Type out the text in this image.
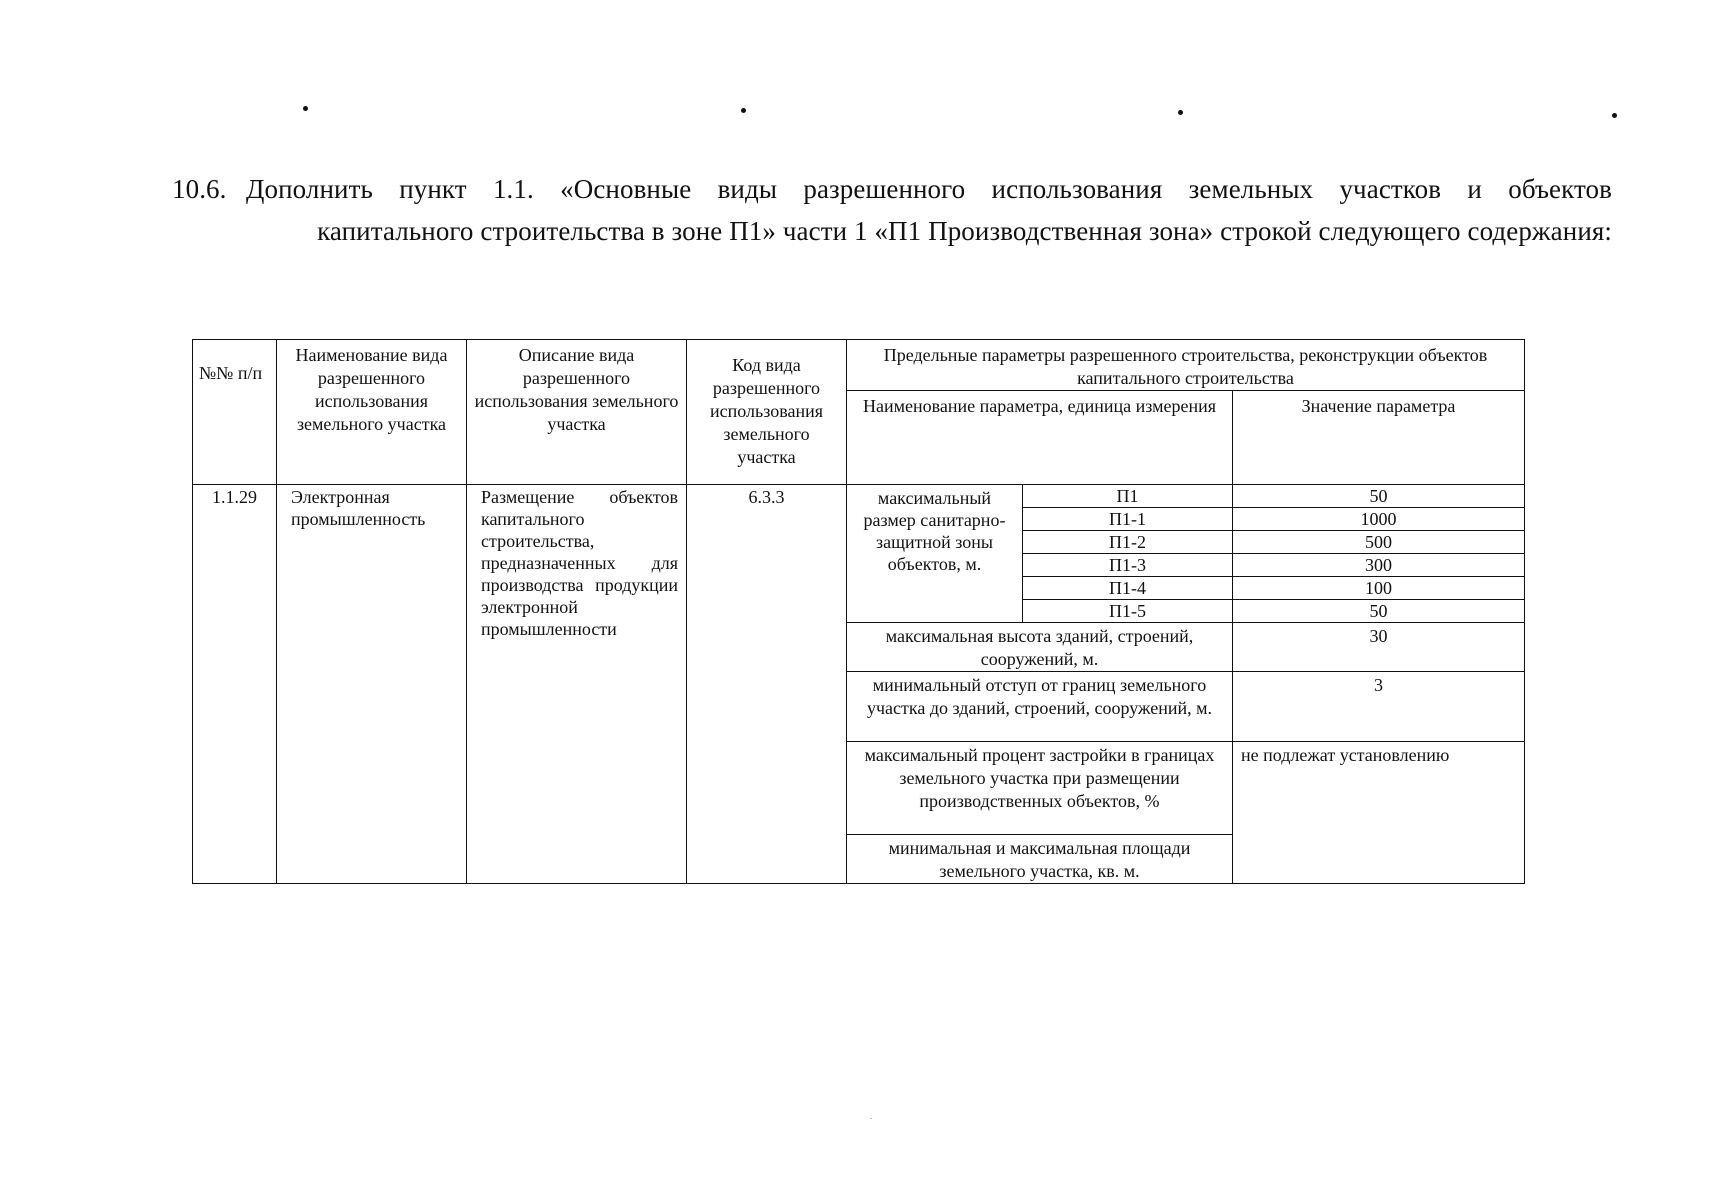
10.6. Дополнить пункт 1.1. «Основные виды разрешенного использования земельных участков и объектов
капитального строительства в зоне П1» части 1 «П1 Производственная зона» строкой следующего содержания:
№№ п/п	Наименование вида разрешенного использования земельного участка	Описание вида разрешенного использования земельного участка	Код вида разрешенного использования земельного участка	Предельные параметры разрешенного строительства, реконструкции объектов капитального строительства		
				Наименование параметра, единица измерения		Значение параметра
1.1.29	Электронная промышленность	Размещение объектов капитального строительства, предназначенных для производства продукции электронной промышленности	6.3.3	максимальный размер санитарно-защитной зоны объектов, м.	П1	50
					П1-1	1000
					П1-2	500
					П1-3	300
					П1-4	100
					П1-5	50
				максимальная высота зданий, строений, сооружений, м.		30
				минимальный отступ от границ земельного участка до зданий, строений, сооружений, м.		3
				максимальный процент застройки в границах земельного участка при размещении производственных объектов, %		не подлежат установлению
				минимальная и максимальная площади земельного участка, кв. м.		
